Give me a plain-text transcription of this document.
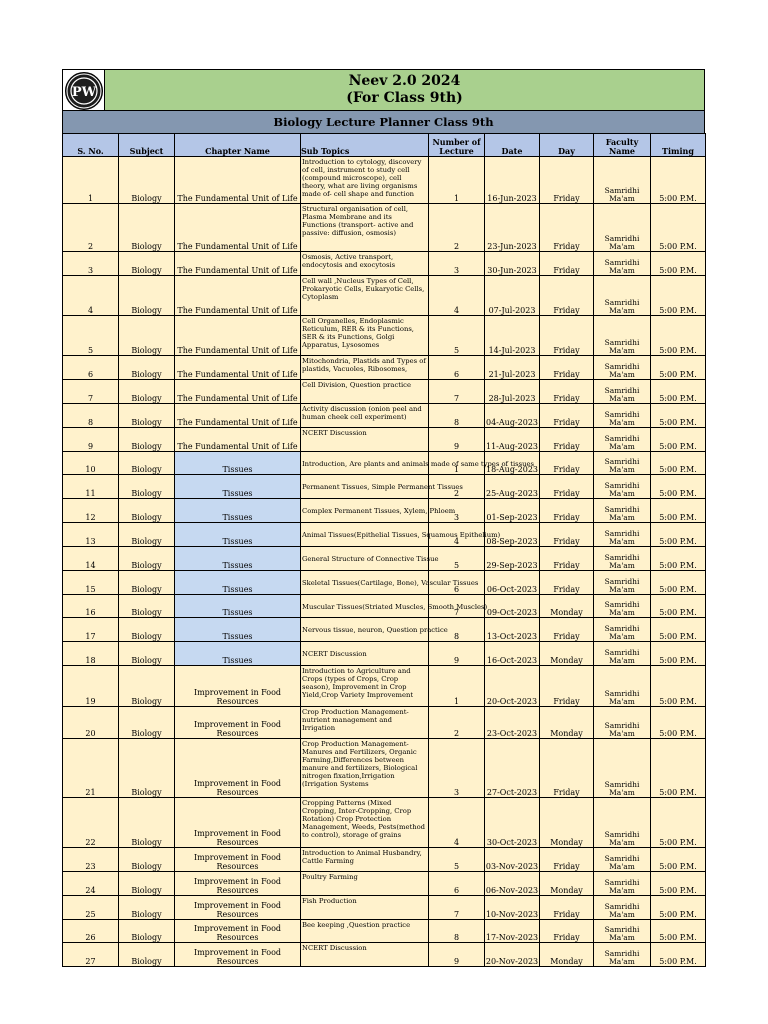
PW
Neev 2.0 2024
(For Class 9th)
Biology Lecture Planner Class 9th
S. No.	Subject	Chapter Name	Sub Topics	Number of Lecture	Date	Day	Faculty Name	Timing
1	Biology	The Fundamental Unit of Life	Introduction to cytology, discovery of cell, instrument to study cell (compound microscope), cell theory, what are living organisms made of- cell shape and function	1	16-Jun-2023	Friday	Samridhi Ma'am	5:00 P.M.
2	Biology	The Fundamental Unit of Life	Structural organisation of cell, Plasma Membrane and its Functions (transport- active and passive: diffusion, osmosis)	2	23-Jun-2023	Friday	Samridhi Ma'am	5:00 P.M.
3	Biology	The Fundamental Unit of Life	Osmosis, Active transport, endocytosis and exocytosis	3	30-Jun-2023	Friday	Samridhi Ma'am	5:00 P.M.
4	Biology	The Fundamental Unit of Life	Cell wall ,Nucleus Types of Cell, Prokaryotic Cells, Eukaryotic Cells, Cytoplasm	4	07-Jul-2023	Friday	Samridhi Ma'am	5:00 P.M.
5	Biology	The Fundamental Unit of Life	Cell Organelles, Endoplasmic Reticulum, RER & its Functions, SER & its Functions, Golgi Apparatus, Lysosomes	5	14-Jul-2023	Friday	Samridhi Ma'am	5:00 P.M.
6	Biology	The Fundamental Unit of Life	Mitochondria, Plastids and Types of plastids, Vacuoles, Ribosomes,	6	21-Jul-2023	Friday	Samridhi Ma'am	5:00 P.M.
7	Biology	The Fundamental Unit of Life	Cell Division, Question practice	7	28-Jul-2023	Friday	Samridhi Ma'am	5:00 P.M.
8	Biology	The Fundamental Unit of Life	Activity discussion (onion peel and human cheek cell experiment)	8	04-Aug-2023	Friday	Samridhi Ma'am	5:00 P.M.
9	Biology	The Fundamental Unit of Life	NCERT Discussion	9	11-Aug-2023	Friday	Samridhi Ma'am	5:00 P.M.
10	Biology	Tissues	Introduction, Are plants and animals made of same types of tissues	1	18-Aug-2023	Friday	Samridhi Ma'am	5:00 P.M.
11	Biology	Tissues	Permanent Tissues, Simple Permanent Tissues	2	25-Aug-2023	Friday	Samridhi Ma'am	5:00 P.M.
12	Biology	Tissues	Complex Permanent Tissues, Xylem, Phloem	3	01-Sep-2023	Friday	Samridhi Ma'am	5:00 P.M.
13	Biology	Tissues	Animal Tissues(Epithelial Tissues, Squamous Epithelium)	4	08-Sep-2023	Friday	Samridhi Ma'am	5:00 P.M.
14	Biology	Tissues	General Structure of Connective Tissue	5	29-Sep-2023	Friday	Samridhi Ma'am	5:00 P.M.
15	Biology	Tissues	Skeletal Tissues(Cartilage, Bone), Vascular Tissues	6	06-Oct-2023	Friday	Samridhi Ma'am	5:00 P.M.
16	Biology	Tissues	Muscular Tissues(Striated Muscles, Smooth Muscles)	7	09-Oct-2023	Monday	Samridhi Ma'am	5:00 P.M.
17	Biology	Tissues	Nervous tissue, neuron, Question practice	8	13-Oct-2023	Friday	Samridhi Ma'am	5:00 P.M.
18	Biology	Tissues	NCERT Discussion	9	16-Oct-2023	Monday	Samridhi Ma'am	5:00 P.M.
19	Biology	Improvement in Food Resources	Introduction to Agriculture and Crops (types of Crops, Crop season), Improvement in Crop Yield,Crop Variety Improvement	1	20-Oct-2023	Friday	Samridhi Ma'am	5:00 P.M.
20	Biology	Improvement in Food Resources	Crop Production Management- nutrient management and Irrigation	2	23-Oct-2023	Monday	Samridhi Ma'am	5:00 P.M.
21	Biology	Improvement in Food Resources	Crop Production Management- Manures and Fertilizers, Organic Farming,Differences between manure and fertilizers, Biological nitrogen fixation,Irrigation (Irrigation Systems	3	27-Oct-2023	Friday	Samridhi Ma'am	5:00 P.M.
22	Biology	Improvement in Food Resources	Cropping Patterns (Mixed Cropping, Inter-Cropping, Crop Rotation) Crop Protection Management, Weeds, Pests(method to control), storage of grains	4	30-Oct-2023	Monday	Samridhi Ma'am	5:00 P.M.
23	Biology	Improvement in Food Resources	Introduction to Animal Husbandry, Cattle Farming	5	03-Nov-2023	Friday	Samridhi Ma'am	5:00 P.M.
24	Biology	Improvement in Food Resources	Poultry Farming	6	06-Nov-2023	Monday	Samridhi Ma'am	5:00 P.M.
25	Biology	Improvement in Food Resources	Fish Production	7	10-Nov-2023	Friday	Samridhi Ma'am	5:00 P.M.
26	Biology	Improvement in Food Resources	Bee keeping ,Question practice	8	17-Nov-2023	Friday	Samridhi Ma'am	5:00 P.M.
27	Biology	Improvement in Food Resources	NCERT Discussion	9	20-Nov-2023	Monday	Samridhi Ma'am	5:00 P.M.
